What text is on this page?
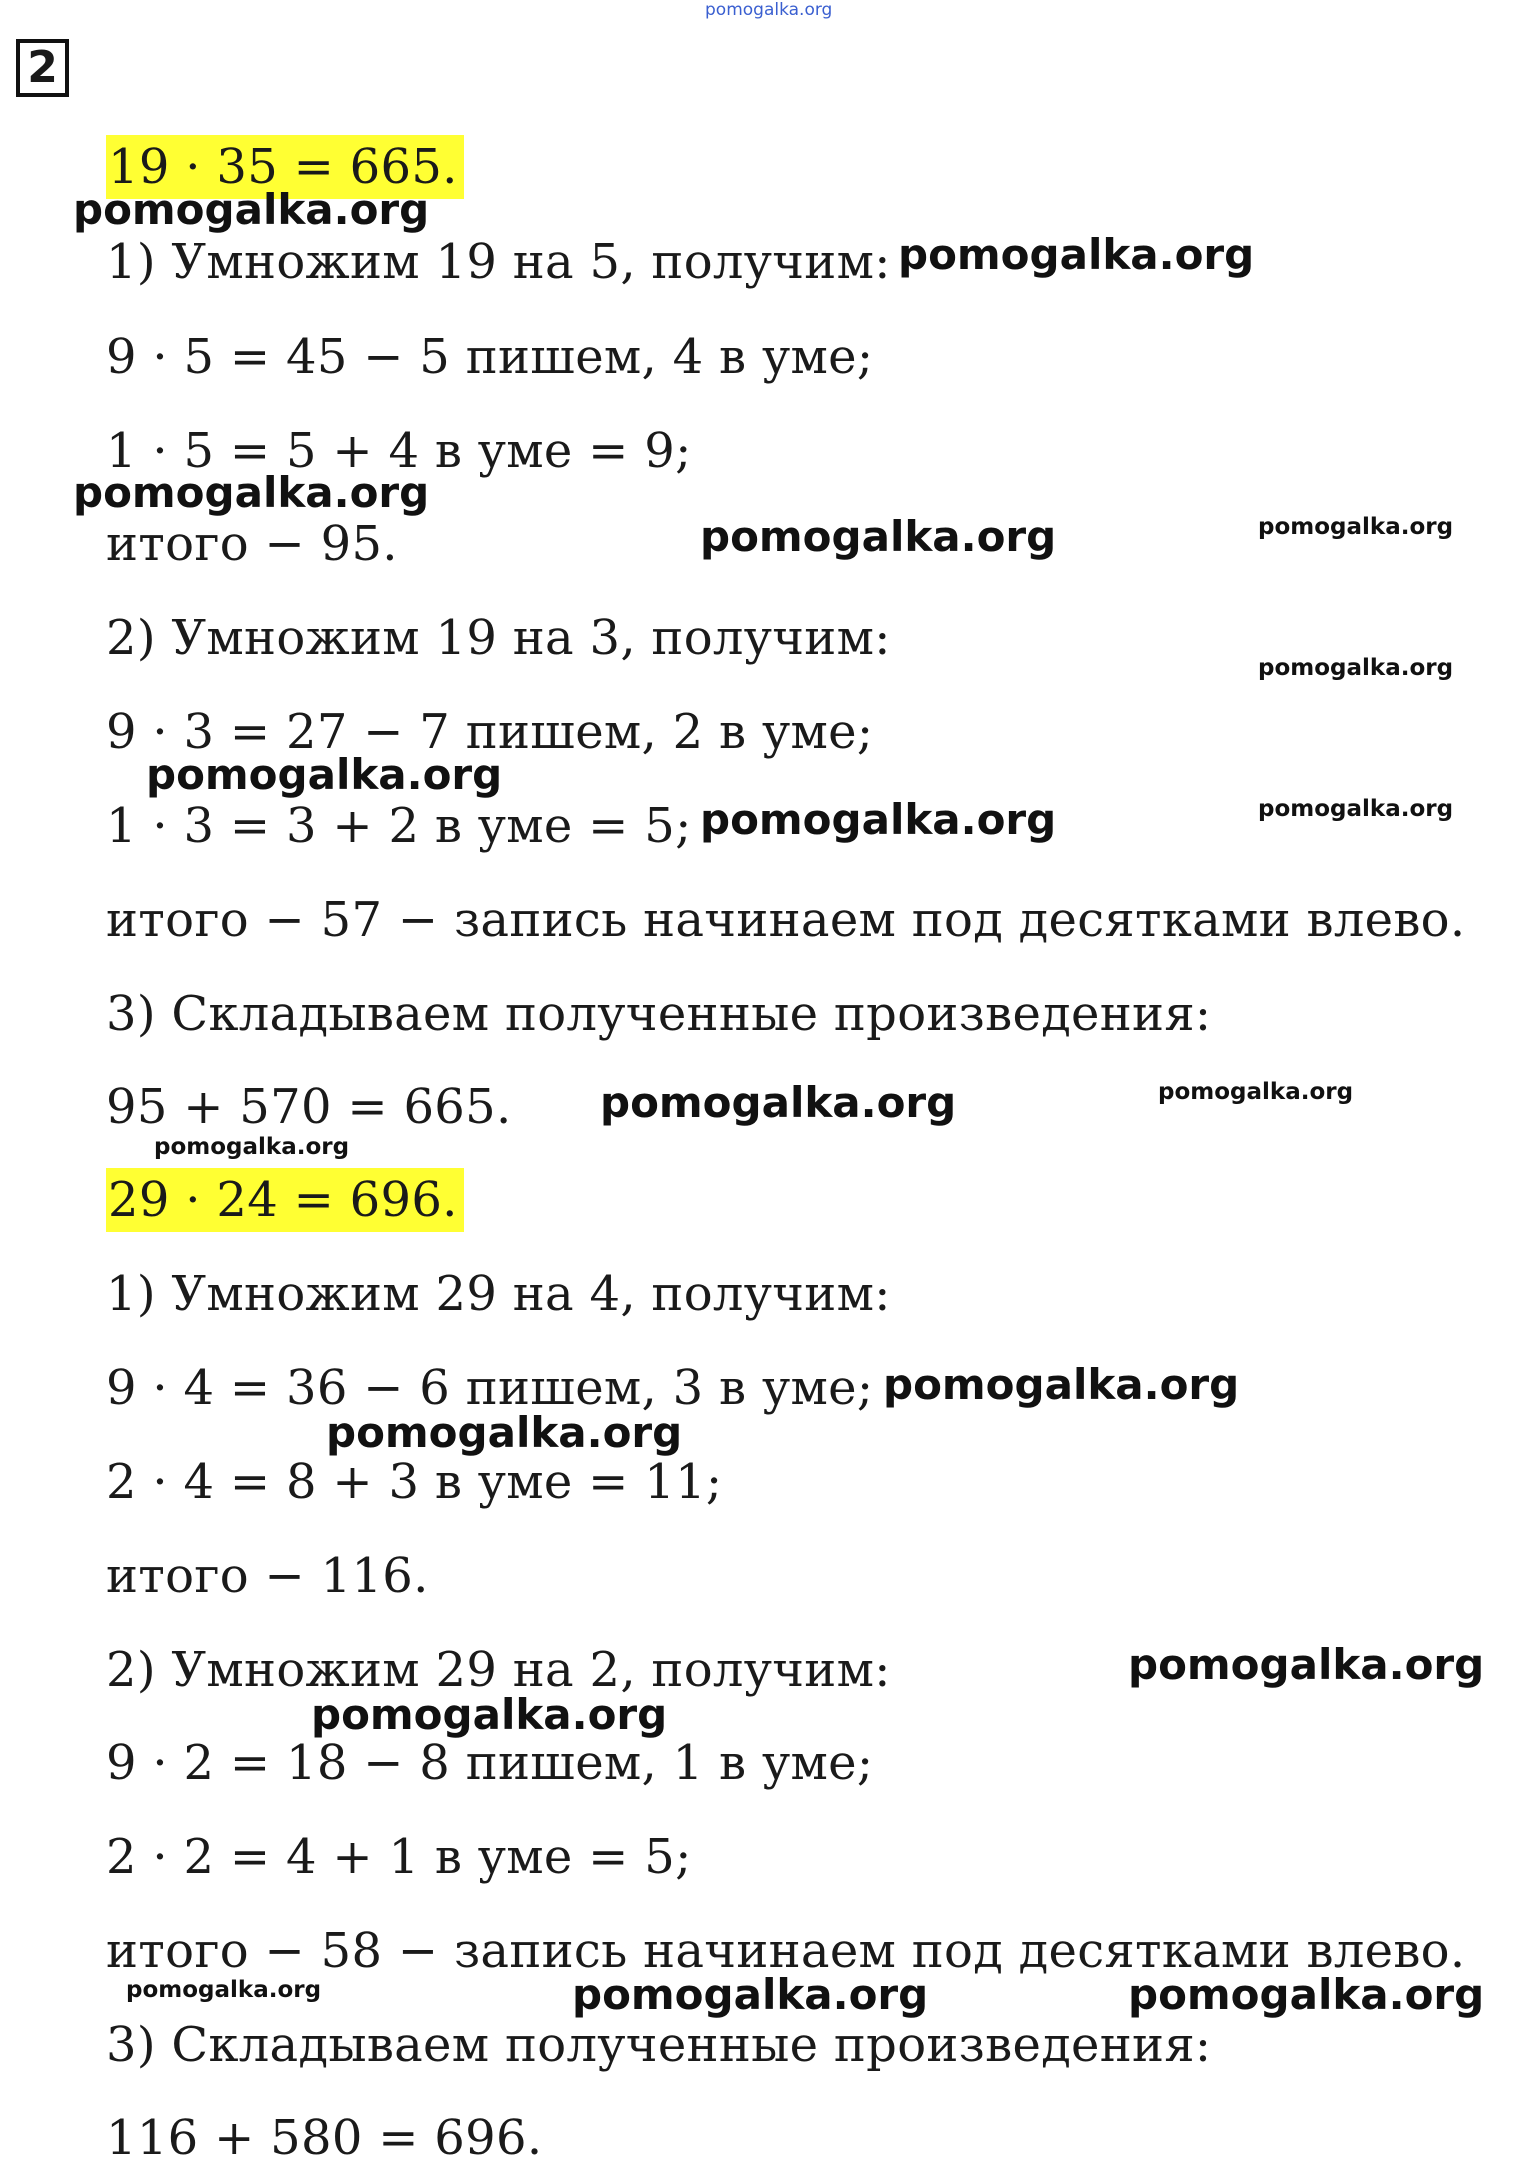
2
19 · 35 = 665.
1) Умножим 19 на 5, получим:
9 · 5 = 45 − 5 пишем, 4 в уме;
1 · 5 = 5 + 4 в уме = 9;
итого − 95.
2) Умножим 19 на 3, получим:
9 · 3 = 27 − 7 пишем, 2 в уме;
1 · 3 = 3 + 2 в уме = 5;
итого − 57 − запись начинаем под десятками влево.
3) Складываем полученные произведения:
95 + 570 = 665.
29 · 24 = 696.
1) Умножим 29 на 4, получим:
9 · 4 = 36 − 6 пишем, 3 в уме;
2 · 4 = 8 + 3 в уме = 11;
итого − 116.
2) Умножим 29 на 2, получим:
9 · 2 = 18 − 8 пишем, 1 в уме;
2 · 2 = 4 + 1 в уме = 5;
итого − 58 − запись начинаем под десятками влево.
3) Складываем полученные произведения:
116 + 580 = 696.
pomogalka.org
pomogalka.org
pomogalka.org
pomogalka.org
pomogalka.org	pomogalka.org
pomogalka.org
pomogalka.org
pomogalka.org	pomogalka.org
pomogalka.org	pomogalka.org
pomogalka.org
pomogalka.org
pomogalka.org
pomogalka.org
pomogalka.org
pomogalka.org	pomogalka.org	pomogalka.org
